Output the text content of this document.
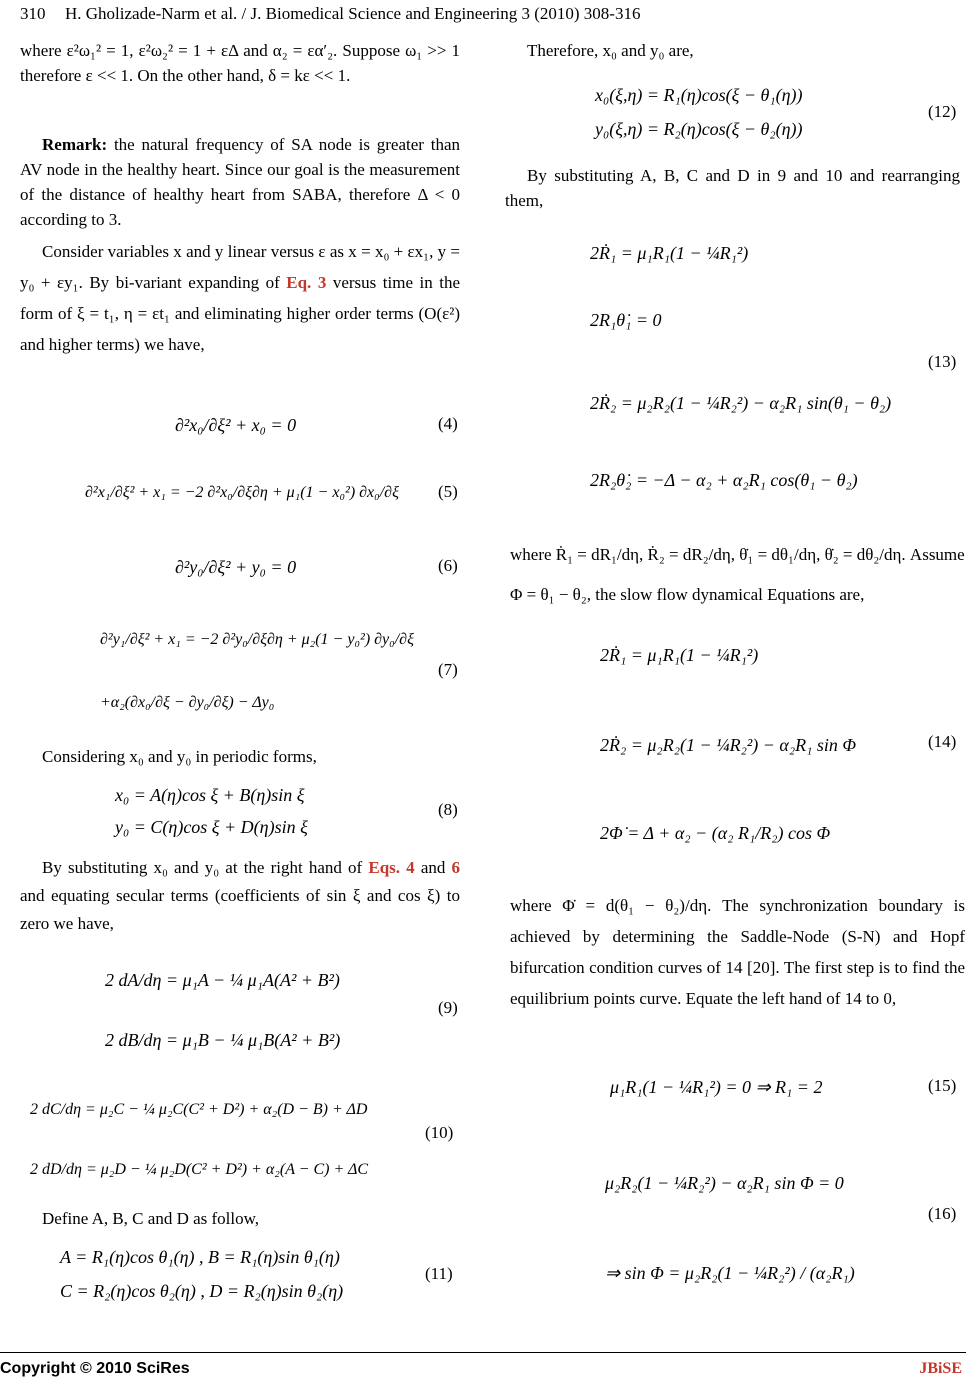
310 H. Gholizade-Narm et al. / J. Biomedical Science and Engineering 3 (2010) 308-316
where ε²ω₁² = 1, ε²ω₂² = 1 + εΔ and α₂ = εα′₂. Suppose ω₁ >> 1 therefore ε << 1. On the other hand, δ = kε << 1.
Remark: the natural frequency of SA node is greater than AV node in the healthy heart. Since our goal is the measurement of the distance of healthy heart from SABA, therefore Δ < 0 according to 3.
Consider variables x and y linear versus ε as x = x₀ + εx₁, y = y₀ + εy₁. By bi-variant expanding of Eq. 3 versus time in the form of ξ = t₁, η = εt₁ and eliminating higher order terms (O(ε²) and higher terms) we have,
∂²x₀/∂ξ² + x₀ = 0	(4)
∂²x₁/∂ξ² + x₁ = −2 ∂²x₀/∂ξ∂η + μ₁(1 − x₀²) ∂x₀/∂ξ (5)
∂²y₀/∂ξ² + y₀ = 0	(6)
∂²y₁/∂ξ² + x₁ = −2 ∂²y₀/∂ξ∂η + μ₂(1 − y₀²) ∂y₀/∂ξ
+α₂(∂x₀/∂ξ − ∂y₀/∂ξ) − Δy₀
(7)
Considering x₀ and y₀ in periodic forms,
x₀ = A(η)cos ξ + B(η)sin ξ
y₀ = C(η)cos ξ + D(η)sin ξ
(8)
By substituting x₀ and y₀ at the right hand of Eqs. 4 and 6 and equating secular terms (coefficients of sin ξ and cos ξ) to zero we have,
2 dA/dη = μ₁A − ¼ μ₁A(A² + B²)
2 dB/dη = μ₁B − ¼ μ₁B(A² + B²)
(9)
2 dC/dη = μ₂C − ¼ μ₂C(C² + D²) + α₂(D − B) + ΔD
2 dD/dη = μ₂D − ¼ μ₂D(C² + D²) + α₂(A − C) + ΔC
(10)
Define A, B, C and D as follow,
A = R₁(η)cos θ₁(η) , B = R₁(η)sin θ₁(η)
C = R₂(η)cos θ₂(η) , D = R₂(η)sin θ₂(η)
(11)
Therefore, x₀ and y₀ are,
x₀(ξ,η) = R₁(η)cos(ξ − θ₁(η))
y₀(ξ,η) = R₂(η)cos(ξ − θ₂(η))
(12)
By substituting A, B, C and D in 9 and 10 and rearranging them,
2Ṙ₁ = μ₁R₁(1 − ¼R₁²)
2R₁θ̇₁ = 0
2Ṙ₂ = μ₂R₂(1 − ¼R₂²) − α₂R₁ sin(θ₁ − θ₂)
2R₂θ̇₂ = −Δ − α₂ + α₂R₁ cos(θ₁ − θ₂)
(13)
where Ṙ₁ = dR₁/dη, Ṙ₂ = dR₂/dη, θ̇₁ = dθ₁/dη, θ̇₂ = dθ₂/dη. Assume
Φ = θ₁ − θ₂, the slow flow dynamical Equations are,
2Ṙ₁ = μ₁R₁(1 − ¼R₁²)
2Ṙ₂ = μ₂R₂(1 − ¼R₂²) − α₂R₁ sin Φ
2Φ̇ = Δ + α₂ − (α₂ R₁/R₂) cos Φ
(14)
where Φ̇ = d(θ₁ − θ₂)/dη. The synchronization boundary is achieved by determining the Saddle-Node (S-N) and Hopf bifurcation condition curves of 14 [20]. The first step is to find the equilibrium points curve. Equate the left hand of 14 to 0,
μ₁R₁(1 − ¼R₁²) = 0 ⇒ R₁ = 2	(15)
μ₂R₂(1 − ¼R₂²) − α₂R₁ sin Φ = 0
⇒ sin Φ = μ₂R₂(1 − ¼R₂²) / (α₂R₁)
(16)
Copyright © 2010 SciRes	JBiSE
